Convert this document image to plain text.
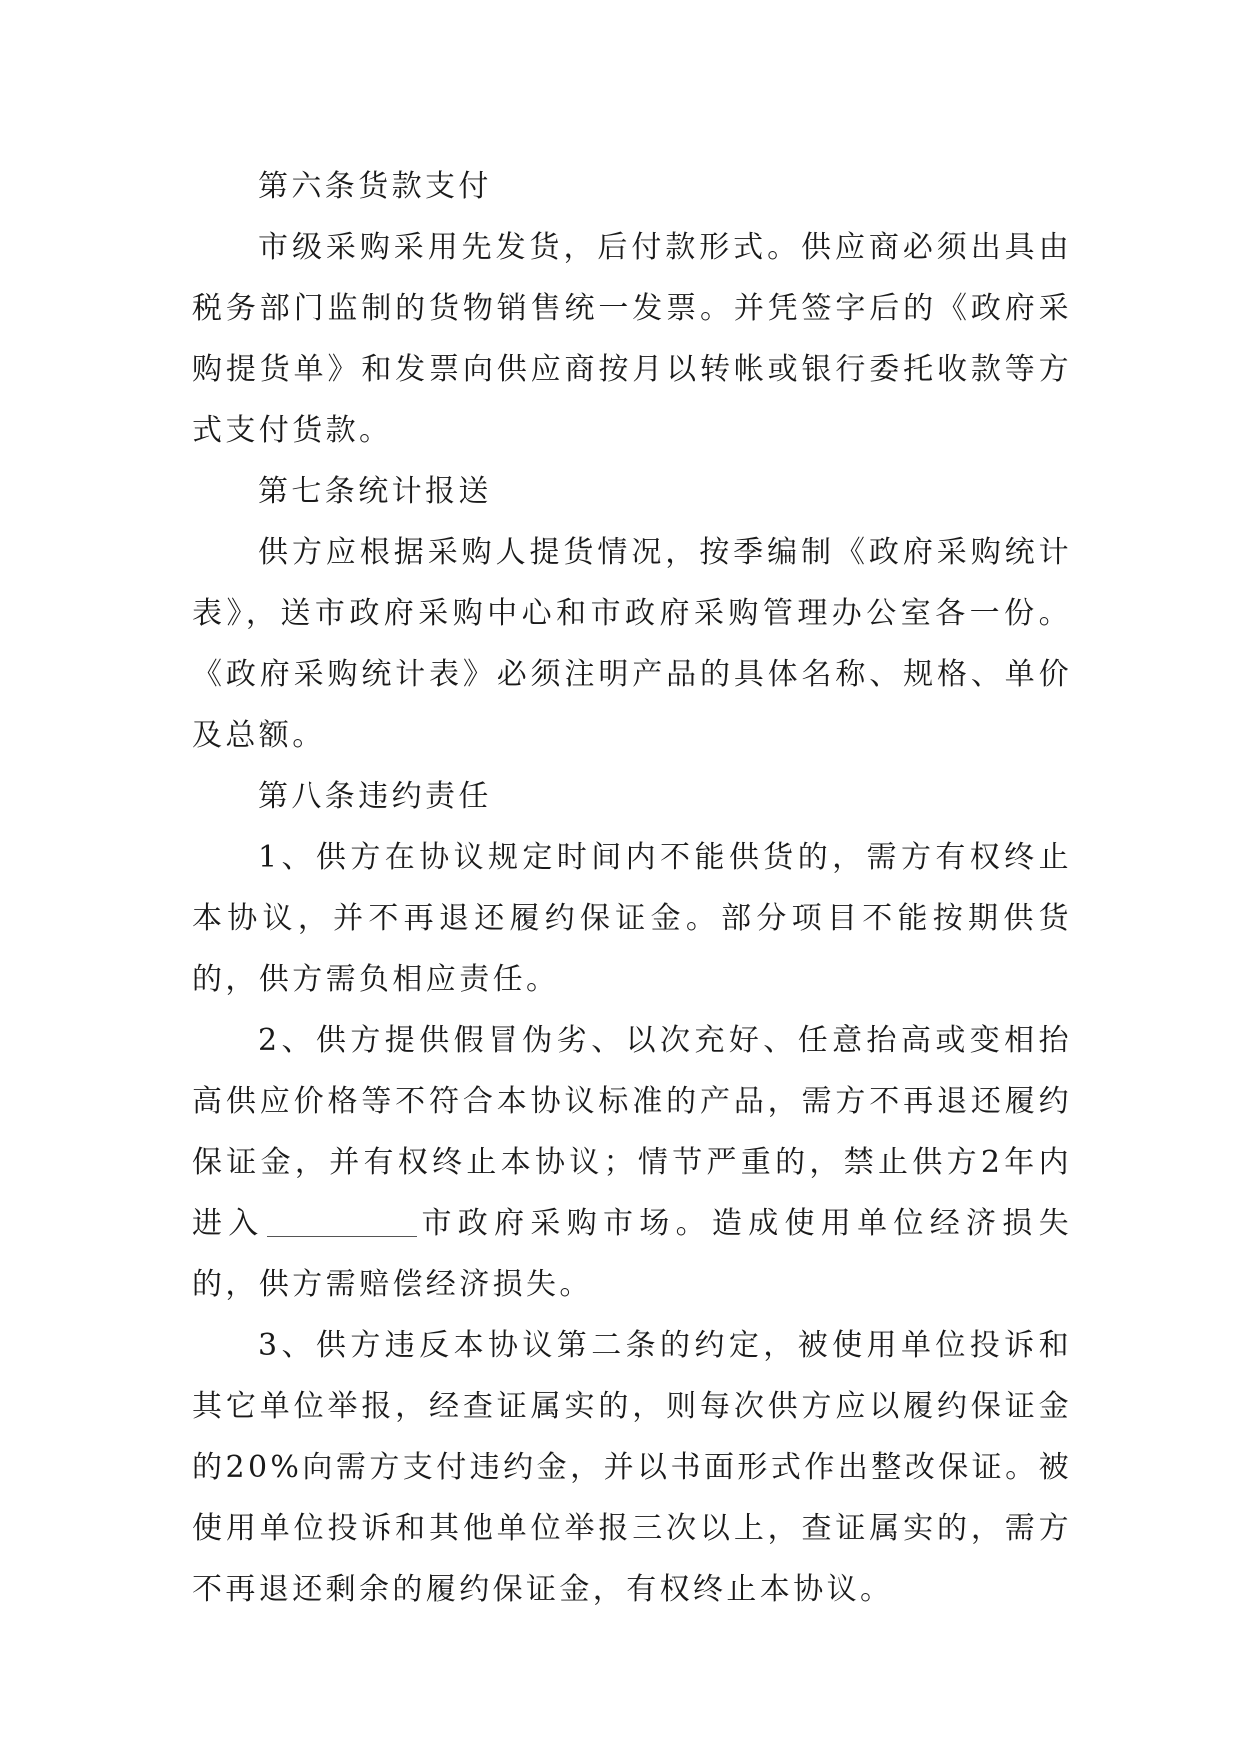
第六条货款支付

市级采购采用先发货，后付款形式。供应商必须出具由税务部门监制的货物销售统一发票。并凭签字后的《政府采购提货单》和发票向供应商按月以转帐或银行委托收款等方式支付货款。

第七条统计报送

供方应根据采购人提货情况，按季编制《政府采购统计表》，送市政府采购中心和市政府采购管理办公室各一份。《政府采购统计表》必须注明产品的具体名称、规格、单价及总额。

第八条违约责任

1、供方在协议规定时间内不能供货的，需方有权终止本协议，并不再退还履约保证金。部分项目不能按期供货的，供方需负相应责任。

2、供方提供假冒伪劣、以次充好、任意抬高或变相抬高供应价格等不符合本协议标准的产品，需方不再退还履约保证金，并有权终止本协议；情节严重的，禁止供方2年内进入	市政府采购市场。造成使用单位经济损失的，供方需赔偿经济损失。

3、供方违反本协议第二条的约定，被使用单位投诉和其它单位举报，经查证属实的，则每次供方应以履约保证金的20%向需方支付违约金，并以书面形式作出整改保证。被使用单位投诉和其他单位举报三次以上，查证属实的，需方不再退还剩余的履约保证金，有权终止本协议。
